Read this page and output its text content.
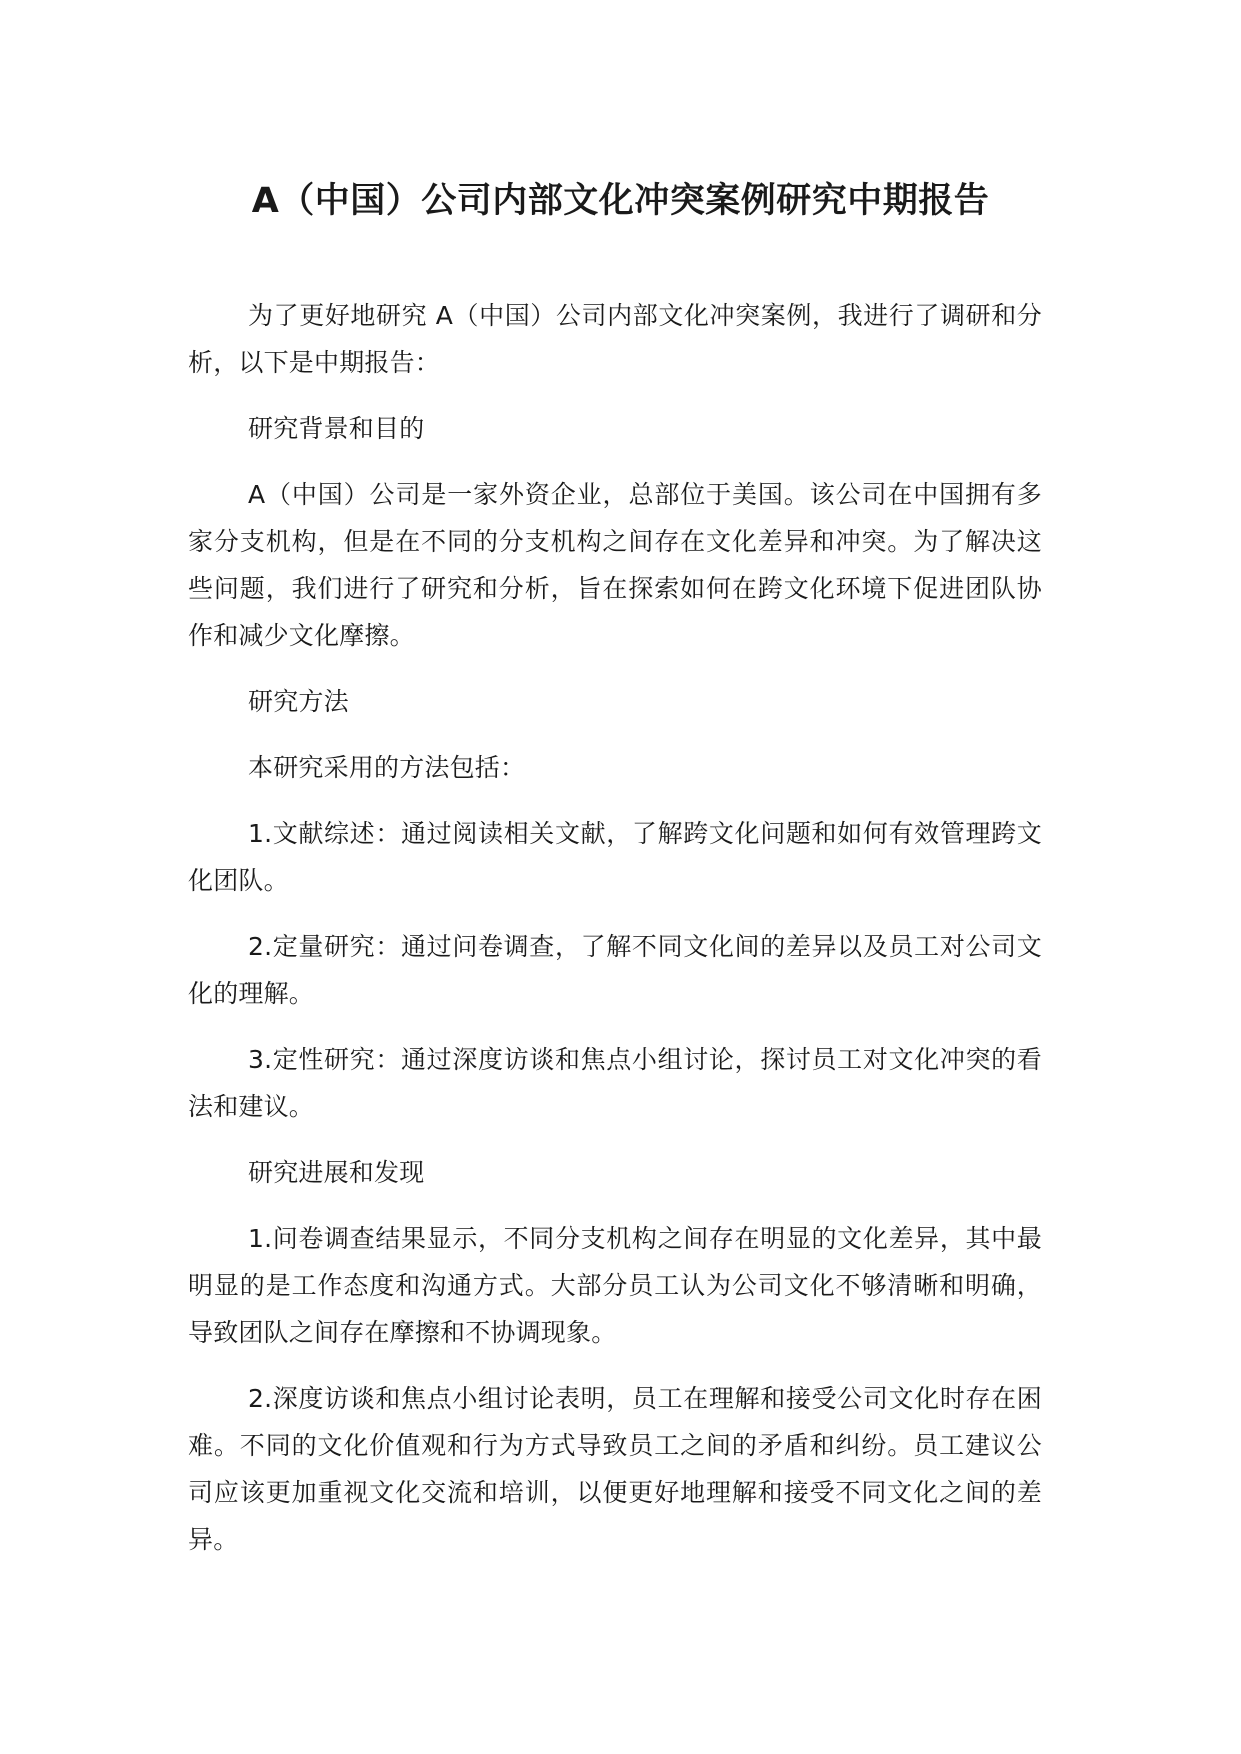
A（中国）公司内部文化冲突案例研究中期报告

为了更好地研究 A（中国）公司内部文化冲突案例，我进行了调研和分析，以下是中期报告：

研究背景和目的

A（中国）公司是一家外资企业，总部位于美国。该公司在中国拥有多家分支机构，但是在不同的分支机构之间存在文化差异和冲突。为了解决这些问题，我们进行了研究和分析，旨在探索如何在跨文化环境下促进团队协作和减少文化摩擦。

研究方法

本研究采用的方法包括：

1.文献综述：通过阅读相关文献，了解跨文化问题和如何有效管理跨文化团队。

2.定量研究：通过问卷调查，了解不同文化间的差异以及员工对公司文化的理解。

3.定性研究：通过深度访谈和焦点小组讨论，探讨员工对文化冲突的看法和建议。

研究进展和发现

1.问卷调查结果显示，不同分支机构之间存在明显的文化差异，其中最明显的是工作态度和沟通方式。大部分员工认为公司文化不够清晰和明确，导致团队之间存在摩擦和不协调现象。

2.深度访谈和焦点小组讨论表明，员工在理解和接受公司文化时存在困难。不同的文化价值观和行为方式导致员工之间的矛盾和纠纷。员工建议公司应该更加重视文化交流和培训，以便更好地理解和接受不同文化之间的差异。
